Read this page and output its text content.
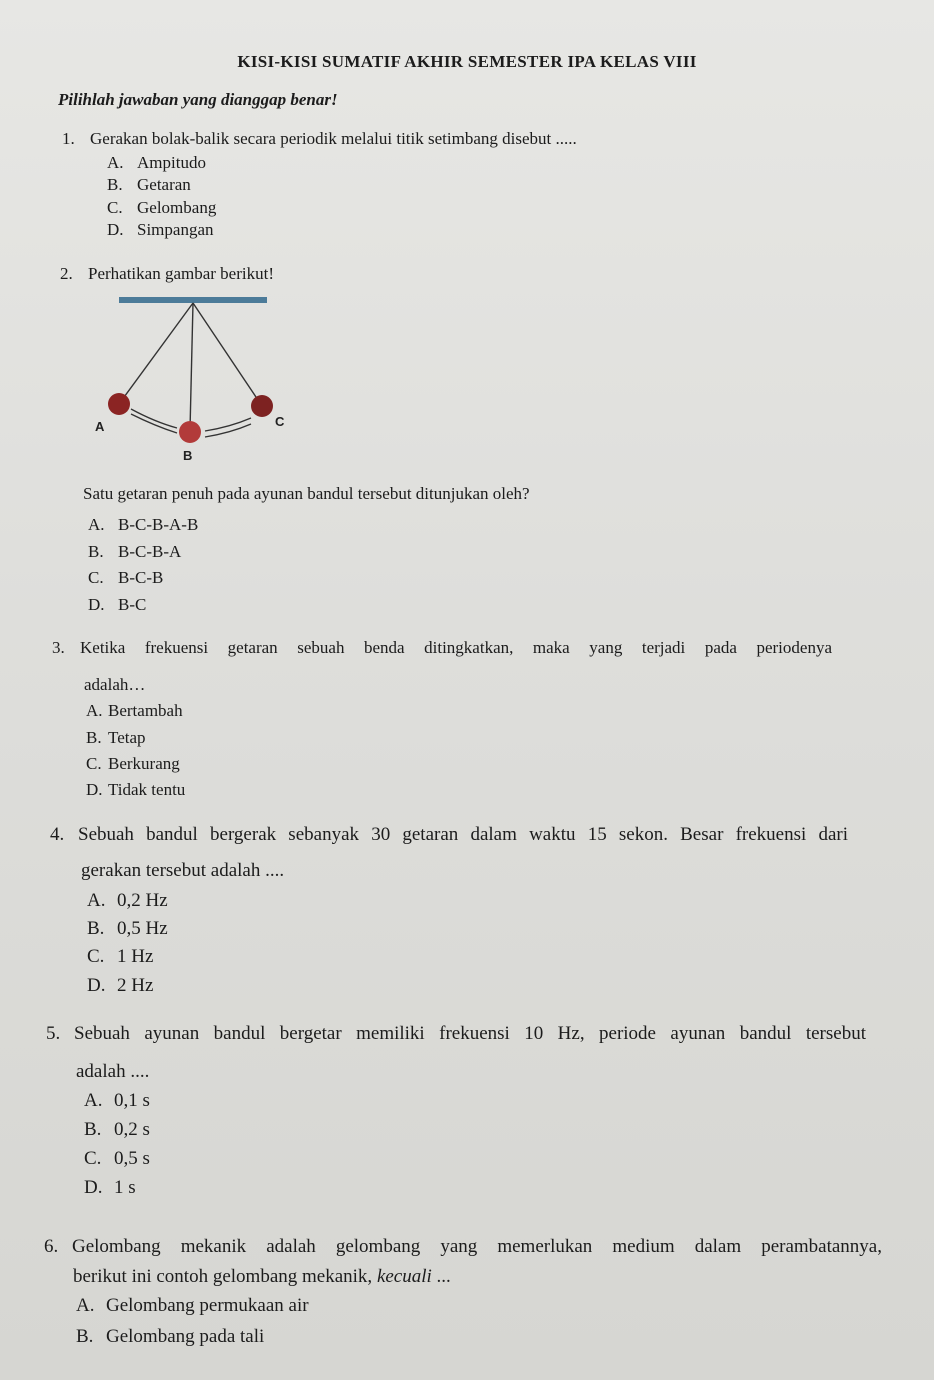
KISI-KISI SUMATIF AKHIR SEMESTER IPA KELAS VIII
Pilihlah jawaban yang dianggap benar!
1. Gerakan bolak-balik secara periodik melalui titik setimbang disebut .....
A. Ampitudo
B. Getaran
C. Gelombang
D. Simpangan
2. Perhatikan gambar berikut!
A
B
C
Satu getaran penuh pada ayunan bandul tersebut ditunjukan oleh?
A. B-C-B-A-B
B. B-C-B-A
C. B-C-B
D. B-C
3. Ketika frekuensi getaran sebuah benda ditingkatkan, maka yang terjadi pada periodenya
adalah…
A. Bertambah
B. Tetap
C. Berkurang
D. Tidak tentu
4. Sebuah bandul bergerak sebanyak 30 getaran dalam waktu 15 sekon. Besar frekuensi dari
gerakan tersebut adalah ....
A. 0,2 Hz
B. 0,5 Hz
C. 1 Hz
D. 2 Hz
5. Sebuah ayunan bandul bergetar memiliki frekuensi 10 Hz, periode ayunan bandul tersebut
adalah ....
A. 0,1 s
B. 0,2 s
C. 0,5 s
D. 1 s
6. Gelombang mekanik adalah gelombang yang memerlukan medium dalam perambatannya,
berikut ini contoh gelombang mekanik, kecuali ...
A. Gelombang permukaan air
B. Gelombang pada tali
